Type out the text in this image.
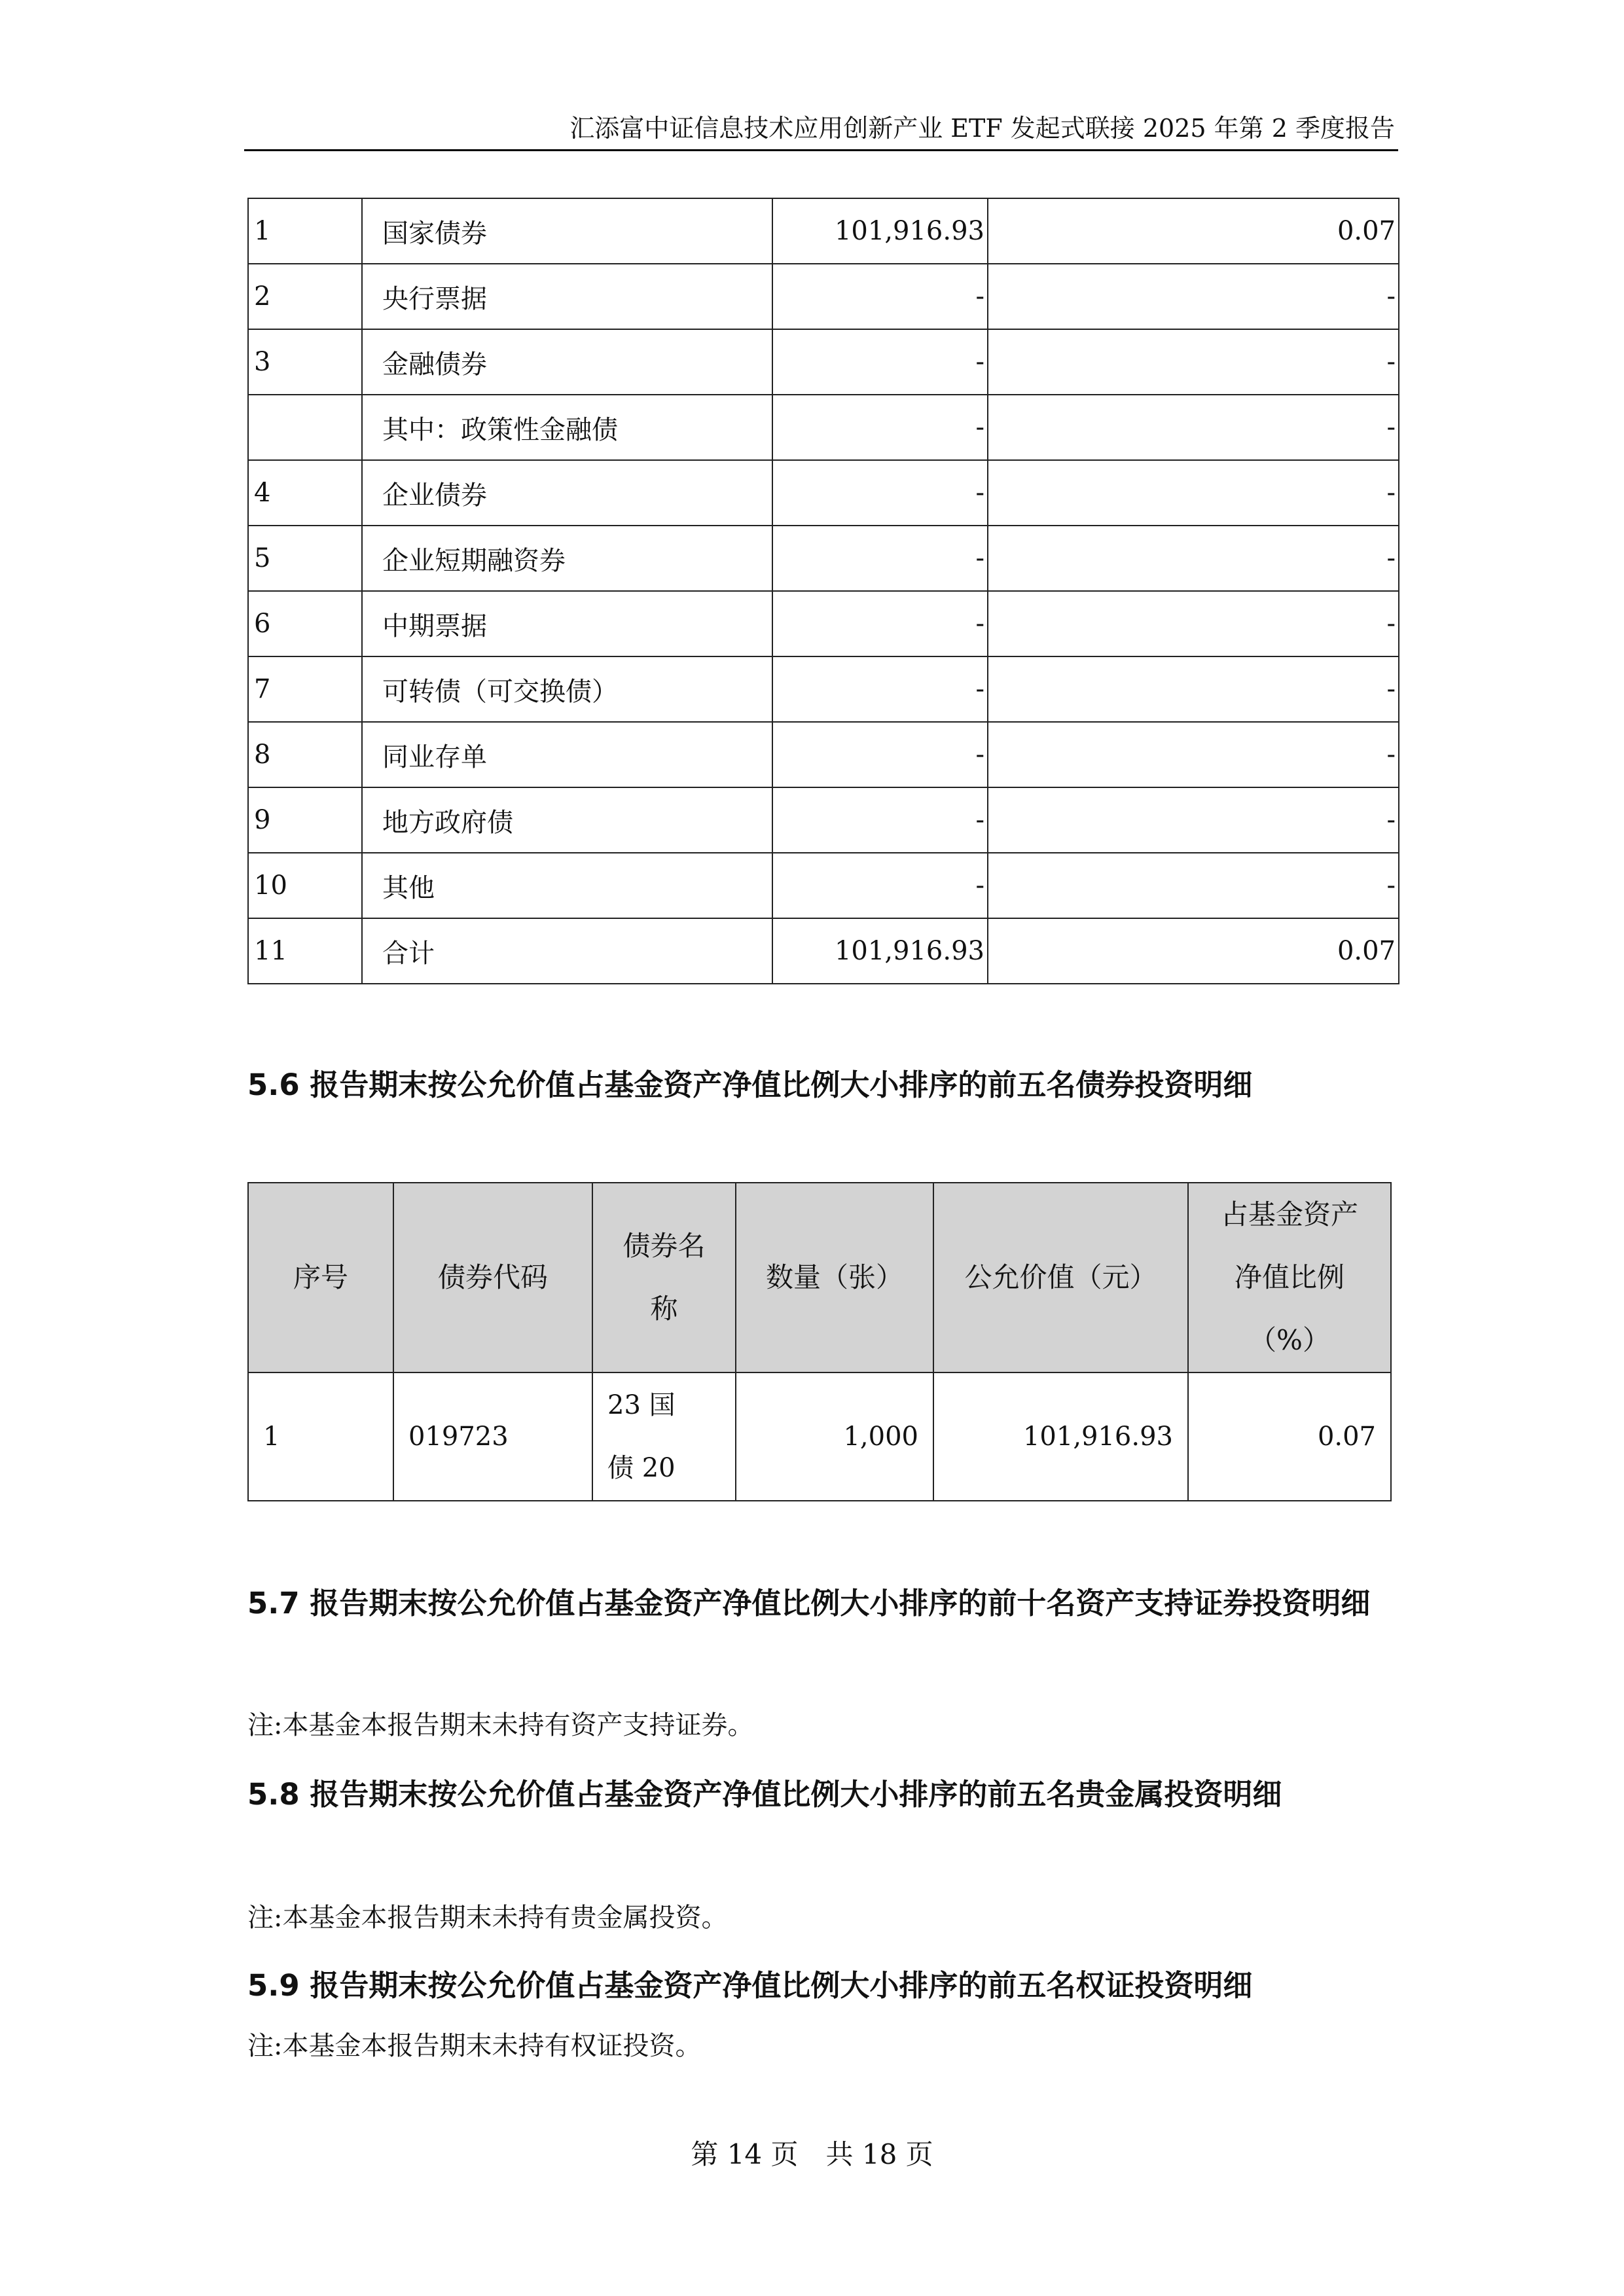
汇添富中证信息技术应用创新产业 ETF 发起式联接 2025 年第 2 季度报告
1	国家债券	101,916.93	0.07
2	央行票据	-	-
3	金融债券	-	-
	其中：政策性金融债	-	-
4	企业债券	-	-
5	企业短期融资券	-	-
6	中期票据	-	-
7	可转债（可交换债）	-	-
8	同业存单	-	-
9	地方政府债	-	-
10	其他	-	-
11	合计	101,916.93	0.07
5.6 报告期末按公允价值占基金资产净值比例大小排序的前五名债券投资明细
序号	债券代码	债券名称	数量（张）	公允价值（元）	占基金资产净值比例（%）

1	019723	23 国债 20	1,000	101,916.93	0.07
5.7 报告期末按公允价值占基金资产净值比例大小排序的前十名资产支持证券投资明细
注:本基金本报告期末未持有资产支持证券。
5.8 报告期末按公允价值占基金资产净值比例大小排序的前五名贵金属投资明细
注:本基金本报告期末未持有贵金属投资。
5.9 报告期末按公允价值占基金资产净值比例大小排序的前五名权证投资明细
注:本基金本报告期末未持有权证投资。
第 14 页 共 18 页
